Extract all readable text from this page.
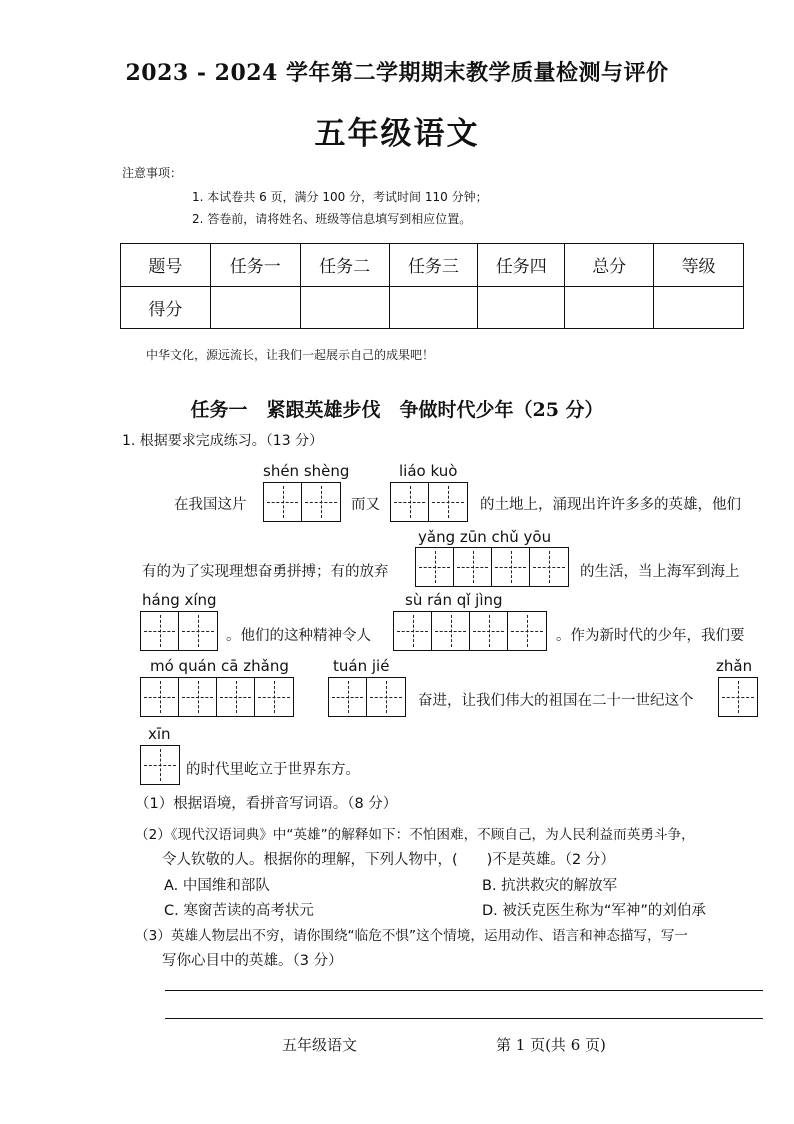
2023 - 2024 学年第二学期期末教学质量检测与评价
五年级语文
注意事项：
1. 本试卷共 6 页，满分 100 分，考试时间 110 分钟；
2. 答卷前，请将姓名、班级等信息填写到相应位置。
题号	任务一	任务二	任务三	任务四	总分	等级
得分						
中华文化，源远流长，让我们一起展示自己的成果吧！
任务一　紧跟英雄步伐　争做时代少年（25 分）
1. 根据要求完成练习。（13 分）
shén shèng	liáo kuò
在我国这片	而又	的土地上，涌现出许许多多的英雄，他们
yǎng zūn chǔ yōu
有的为了实现理想奋勇拼搏；有的放弃	的生活，当上海军到海上
háng xíng	sù rán qǐ jìng
。他们的这种精神令人	。作为新时代的少年，我们要
mó quán cā zhǎng	tuán jié	zhǎn
奋进，让我们伟大的祖国在二十一世纪这个
xīn
的时代里屹立于世界东方。
（1）根据语境，看拼音写词语。（8 分）
（2）《现代汉语词典》中“英雄”的解释如下：不怕困难，不顾自己，为人民利益而英勇斗争，
令人钦敬的人。根据你的理解，下列人物中，(　　)不是英雄。（2 分）
A. 中国维和部队	B. 抗洪救灾的解放军
C. 寒窗苦读的高考状元	D. 被沃克医生称为“军神”的刘伯承
（3）英雄人物层出不穷，请你围绕“临危不惧”这个情境，运用动作、语言和神态描写，写一
写你心目中的英雄。（3 分）
五年级语文	第 1 页(共 6 页)
